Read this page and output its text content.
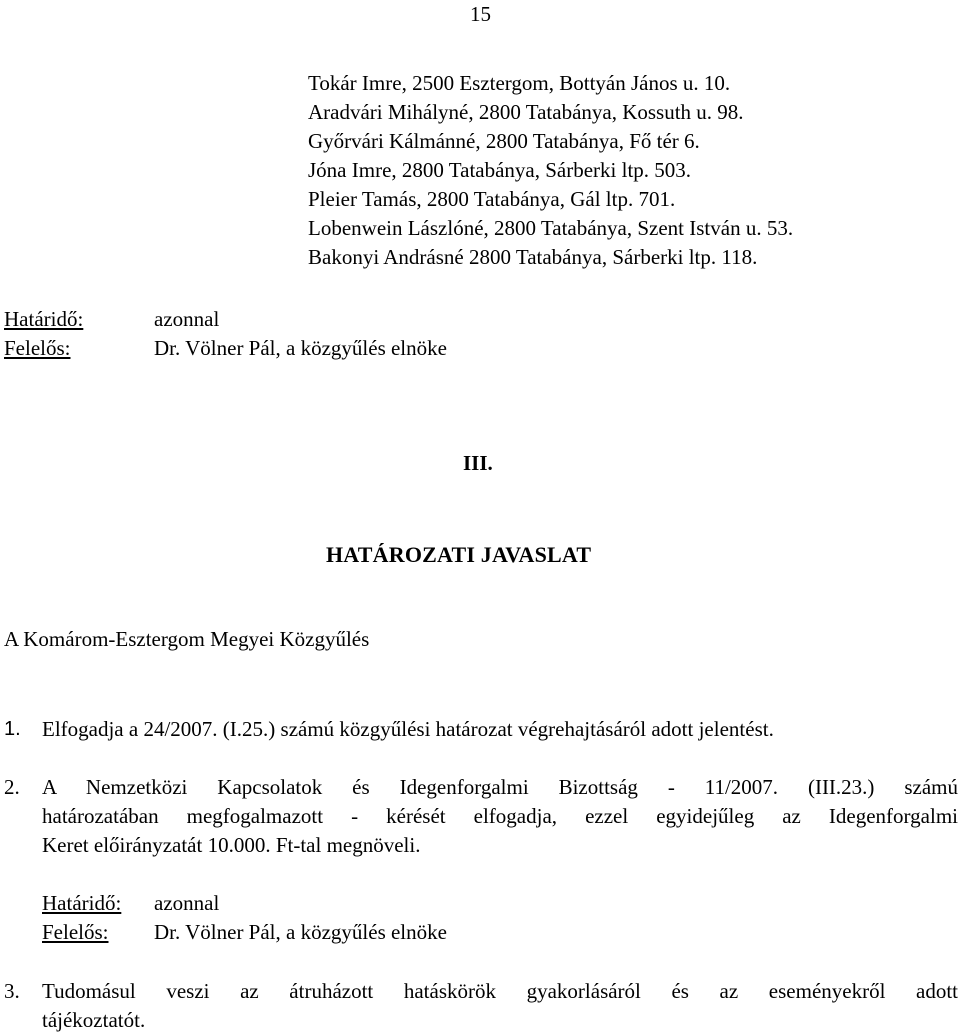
15
Tokár Imre, 2500 Esztergom, Bottyán János u. 10.
Aradvári Mihályné, 2800 Tatabánya, Kossuth u. 98.
Győrvári Kálmánné, 2800 Tatabánya, Fő tér 6.
Jóna Imre, 2800 Tatabánya, Sárberki ltp. 503.
Pleier Tamás, 2800 Tatabánya, Gál ltp. 701.
Lobenwein Lászlóné, 2800 Tatabánya, Szent István u. 53.
Bakonyi Andrásné 2800 Tatabánya, Sárberki ltp. 118.
Határidő:	azonnal
Felelős:	Dr. Völner Pál, a közgyűlés elnöke
III.
HATÁROZATI JAVASLAT
A Komárom-Esztergom Megyei Közgyűlés
1. Elfogadja a 24/2007. (I.25.) számú közgyűlési határozat végrehajtásáról adott jelentést.
2. A Nemzetközi Kapcsolatok és Idegenforgalmi Bizottság - 11/2007. (III.23.) számú
határozatában megfogalmazott - kérését elfogadja, ezzel egyidejűleg az Idegenforgalmi
Keret előirányzatát 10.000. Ft-tal megnöveli.
Határidő: azonnal
Felelős: Dr. Völner Pál, a közgyűlés elnöke
3. Tudomásul veszi az átruházott hatáskörök gyakorlásáról és az eseményekről adott
tájékoztatót.
